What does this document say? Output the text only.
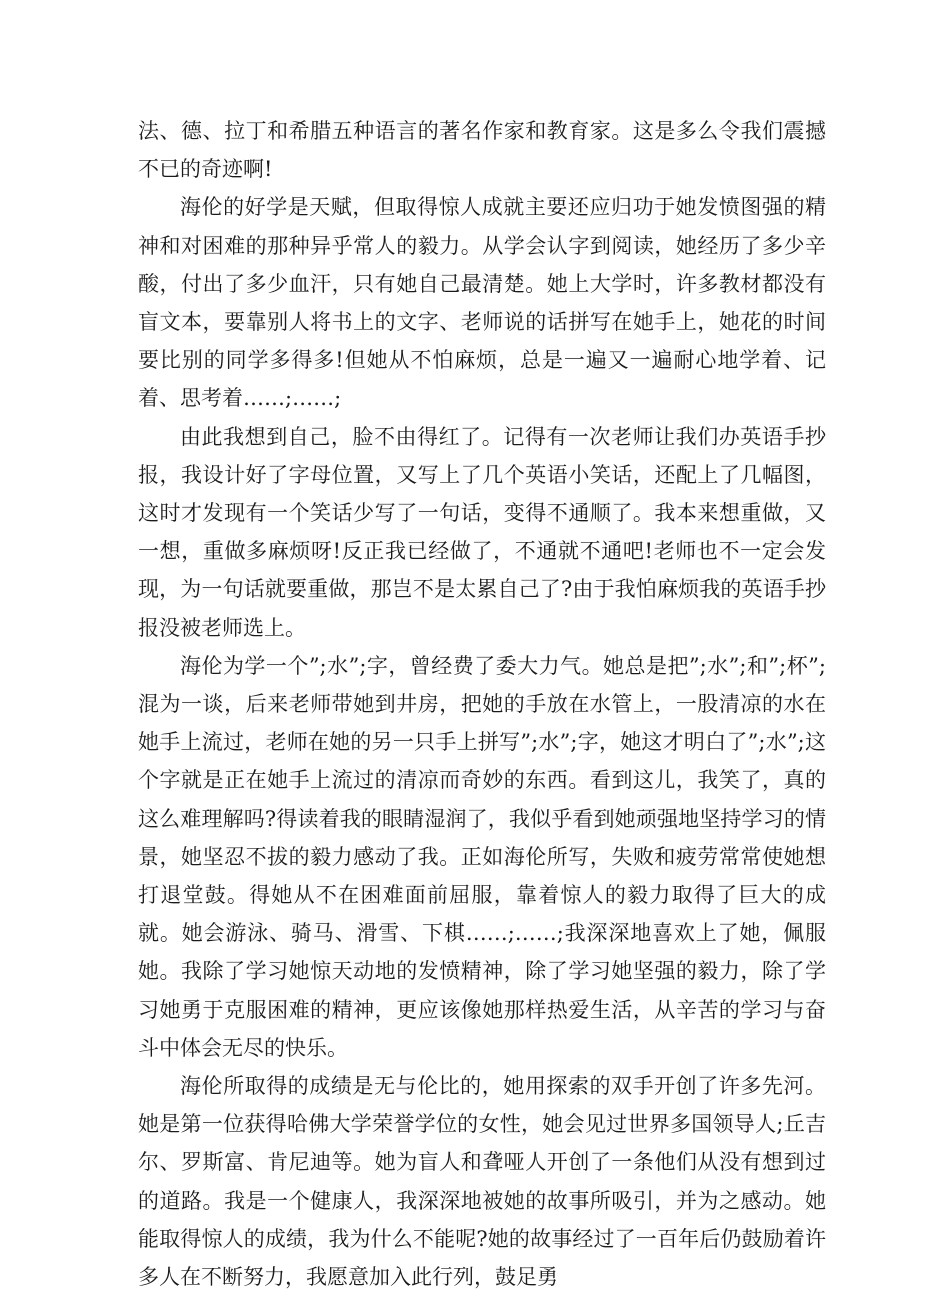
法、德、拉丁和希腊五种语言的著名作家和教育家。这是多么令我们震撼不已的奇迹啊!

海伦的好学是天赋，但取得惊人成就主要还应归功于她发愤图强的精神和对困难的那种异乎常人的毅力。从学会认字到阅读，她经历了多少辛酸，付出了多少血汗，只有她自己最清楚。她上大学时，许多教材都没有盲文本，要靠别人将书上的文字、老师说的话拼写在她手上，她花的时间要比别的同学多得多!但她从不怕麻烦，总是一遍又一遍耐心地学着、记着、思考着……;……;

由此我想到自己，脸不由得红了。记得有一次老师让我们办英语手抄报，我设计好了字母位置，又写上了几个英语小笑话，还配上了几幅图，这时才发现有一个笑话少写了一句话，变得不通顺了。我本来想重做，又一想，重做多麻烦呀!反正我已经做了，不通就不通吧!老师也不一定会发现，为一句话就要重做，那岂不是太累自己了?由于我怕麻烦我的英语手抄报没被老师选上。

海伦为学一个”;水”;字，曾经费了委大力气。她总是把”;水”;和”;杯”;混为一谈，后来老师带她到井房，把她的手放在水管上，一股清凉的水在她手上流过，老师在她的另一只手上拼写”;水”;字，她这才明白了”;水”;这个字就是正在她手上流过的清凉而奇妙的东西。看到这儿，我笑了，真的这么难理解吗?得读着我的眼睛湿润了，我似乎看到她顽强地坚持学习的情景，她坚忍不拔的毅力感动了我。正如海伦所写，失败和疲劳常常使她想打退堂鼓。得她从不在困难面前屈服，靠着惊人的毅力取得了巨大的成就。她会游泳、骑马、滑雪、下棋……;……;我深深地喜欢上了她，佩服她。我除了学习她惊天动地的发愤精神，除了学习她坚强的毅力，除了学习她勇于克服困难的精神，更应该像她那样热爱生活，从辛苦的学习与奋斗中体会无尽的快乐。

海伦所取得的成绩是无与伦比的，她用探索的双手开创了许多先河。她是第一位获得哈佛大学荣誉学位的女性，她会见过世界多国领导人;丘吉尔、罗斯富、肯尼迪等。她为盲人和聋哑人开创了一条他们从没有想到过的道路。我是一个健康人，我深深地被她的故事所吸引，并为之感动。她能取得惊人的成绩，我为什么不能呢?她的故事经过了一百年后仍鼓励着许多人在不断努力，我愿意加入此行列，鼓足勇
